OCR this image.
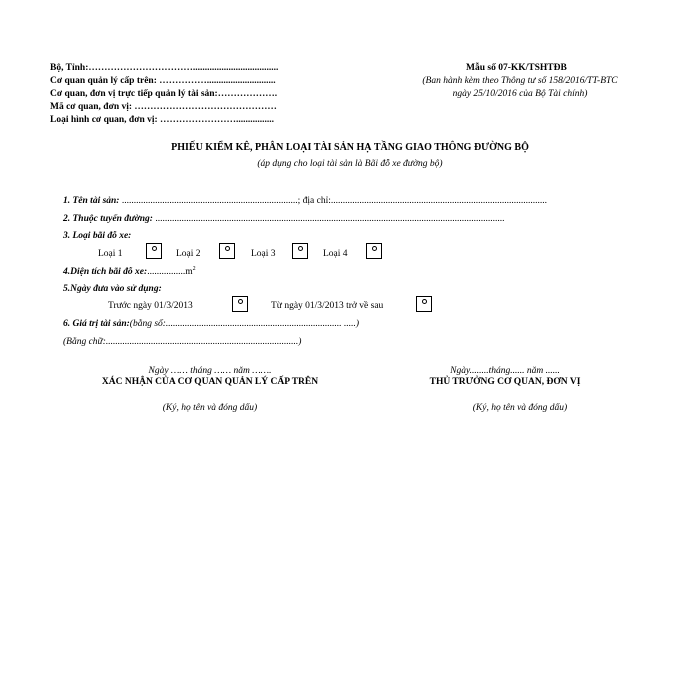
Bộ, Tỉnh:……………………………....................................
Cơ quan quản lý cấp trên: …………….............................
Cơ quan, đơn vị trực tiếp quản lý tài sản:……………….
Mã cơ quan, đơn vị: ………………………………………
Loại hình cơ quan, đơn vị: ……………………................
Mẫu số 07-KK/TSHTĐB
(Ban hành kèm theo Thông tư số 158/2016/TT-BTC
ngày 25/10/2016 của Bộ Tài chính)
PHIẾU KIỂM KÊ, PHÂN LOẠI TÀI SẢN HẠ TẦNG GIAO THÔNG ĐƯỜNG BỘ
(áp dụng cho loại tài sản là Bãi đỗ xe đường bộ)
1. Tên tài sản: ..........................................................................; địa chỉ:...........................................................................................
2. Thuộc tuyến đường: ...................................................................................................................................................
3. Loại bãi đỗ xe:
Loại 1	Loại 2	Loại 3	Loại 4
4.Diện tích bãi đỗ $xe:................m^2$
5.Ngày đưa vào sử dụng:
Trước ngày 01/3/2013	Từ ngày 01/3/2013 trở về sau
6. Giá trị tài sản:(bằng số:.......................................................................... .....)
(Bằng chữ:.................................................................................)
Ngày …… tháng …… năm …….
XÁC NHẬN CỦA CƠ QUAN QUẢN LÝ CẤP TRÊN
(Ký, họ tên và đóng dấu)
Ngày........tháng...... năm ......
THỦ TRƯỞNG CƠ QUAN, ĐƠN VỊ
(Ký, họ tên và đóng dấu)
